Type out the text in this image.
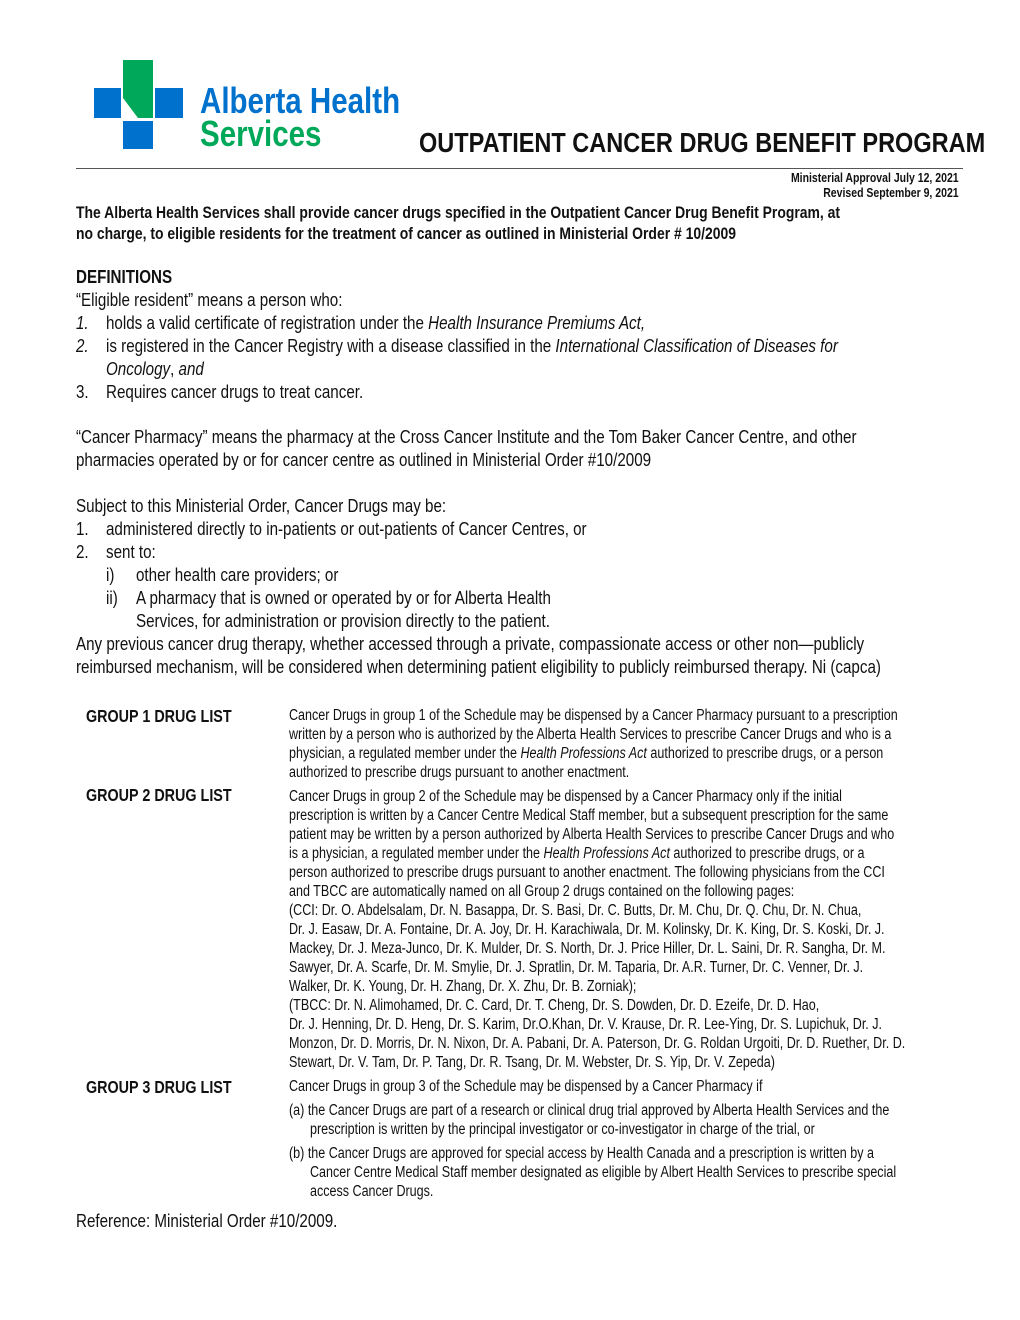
Alberta Health
Services	OUTPATIENT CANCER DRUG BENEFIT PROGRAM
Ministerial Approval July 12, 2021
Revised September 9, 2021
The Alberta Health Services shall provide cancer drugs specified in the Outpatient Cancer Drug Benefit Program, at
no charge, to eligible residents for the treatment of cancer as outlined in Ministerial Order # 10/2009
DEFINITIONS
“Eligible resident” means a person who:
1. holds a valid certificate of registration under the Health Insurance Premiums Act,
2. is registered in the Cancer Registry with a disease classified in the International Classification of Diseases for
Oncology, and
3. Requires cancer drugs to treat cancer.
“Cancer Pharmacy” means the pharmacy at the Cross Cancer Institute and the Tom Baker Cancer Centre, and other
pharmacies operated by or for cancer centre as outlined in Ministerial Order #10/2009
Subject to this Ministerial Order, Cancer Drugs may be:
1. administered directly to in-patients or out-patients of Cancer Centres, or
2. sent to:
i) other health care providers; or
ii) A pharmacy that is owned or operated by or for Alberta Health
Services, for administration or provision directly to the patient.
Any previous cancer drug therapy, whether accessed through a private, compassionate access or other non—publicly
reimbursed mechanism, will be considered when determining patient eligibility to publicly reimbursed therapy. Ni (capca)
GROUP 1 DRUG LIST	Cancer Drugs in group 1 of the Schedule may be dispensed by a Cancer Pharmacy pursuant to a prescription
written by a person who is authorized by the Alberta Health Services to prescribe Cancer Drugs and who is a
physician, a regulated member under the Health Professions Act authorized to prescribe drugs, or a person
authorized to prescribe drugs pursuant to another enactment.
GROUP 2 DRUG LIST	Cancer Drugs in group 2 of the Schedule may be dispensed by a Cancer Pharmacy only if the initial
prescription is written by a Cancer Centre Medical Staff member, but a subsequent prescription for the same
patient may be written by a person authorized by Alberta Health Services to prescribe Cancer Drugs and who
is a physician, a regulated member under the Health Professions Act authorized to prescribe drugs, or a
person authorized to prescribe drugs pursuant to another enactment. The following physicians from the CCI
and TBCC are automatically named on all Group 2 drugs contained on the following pages:
(CCI: Dr. O. Abdelsalam, Dr. N. Basappa, Dr. S. Basi, Dr. C. Butts, Dr. M. Chu, Dr. Q. Chu, Dr. N. Chua,
Dr. J. Easaw, Dr. A. Fontaine, Dr. A. Joy, Dr. H. Karachiwala, Dr. M. Kolinsky, Dr. K. King, Dr. S. Koski, Dr. J.
Mackey, Dr. J. Meza-Junco, Dr. K. Mulder, Dr. S. North, Dr. J. Price Hiller, Dr. L. Saini, Dr. R. Sangha, Dr. M.
Sawyer, Dr. A. Scarfe, Dr. M. Smylie, Dr. J. Spratlin, Dr. M. Taparia, Dr. A.R. Turner, Dr. C. Venner, Dr. J.
Walker, Dr. K. Young, Dr. H. Zhang, Dr. X. Zhu, Dr. B. Zorniak);
(TBCC: Dr. N. Alimohamed, Dr. C. Card, Dr. T. Cheng, Dr. S. Dowden, Dr. D. Ezeife, Dr. D. Hao,
Dr. J. Henning, Dr. D. Heng, Dr. S. Karim, Dr.O.Khan, Dr. V. Krause, Dr. R. Lee-Ying, Dr. S. Lupichuk, Dr. J.
Monzon, Dr. D. Morris, Dr. N. Nixon, Dr. A. Pabani, Dr. A. Paterson, Dr. G. Roldan Urgoiti, Dr. D. Ruether, Dr. D.
Stewart, Dr. V. Tam, Dr. P. Tang, Dr. R. Tsang, Dr. M. Webster, Dr. S. Yip, Dr. V. Zepeda)
GROUP 3 DRUG LIST	Cancer Drugs in group 3 of the Schedule may be dispensed by a Cancer Pharmacy if
(a) the Cancer Drugs are part of a research or clinical drug trial approved by Alberta Health Services and the
prescription is written by the principal investigator or co-investigator in charge of the trial, or
(b) the Cancer Drugs are approved for special access by Health Canada and a prescription is written by a
Cancer Centre Medical Staff member designated as eligible by Albert Health Services to prescribe special
access Cancer Drugs.
Reference: Ministerial Order #10/2009.
